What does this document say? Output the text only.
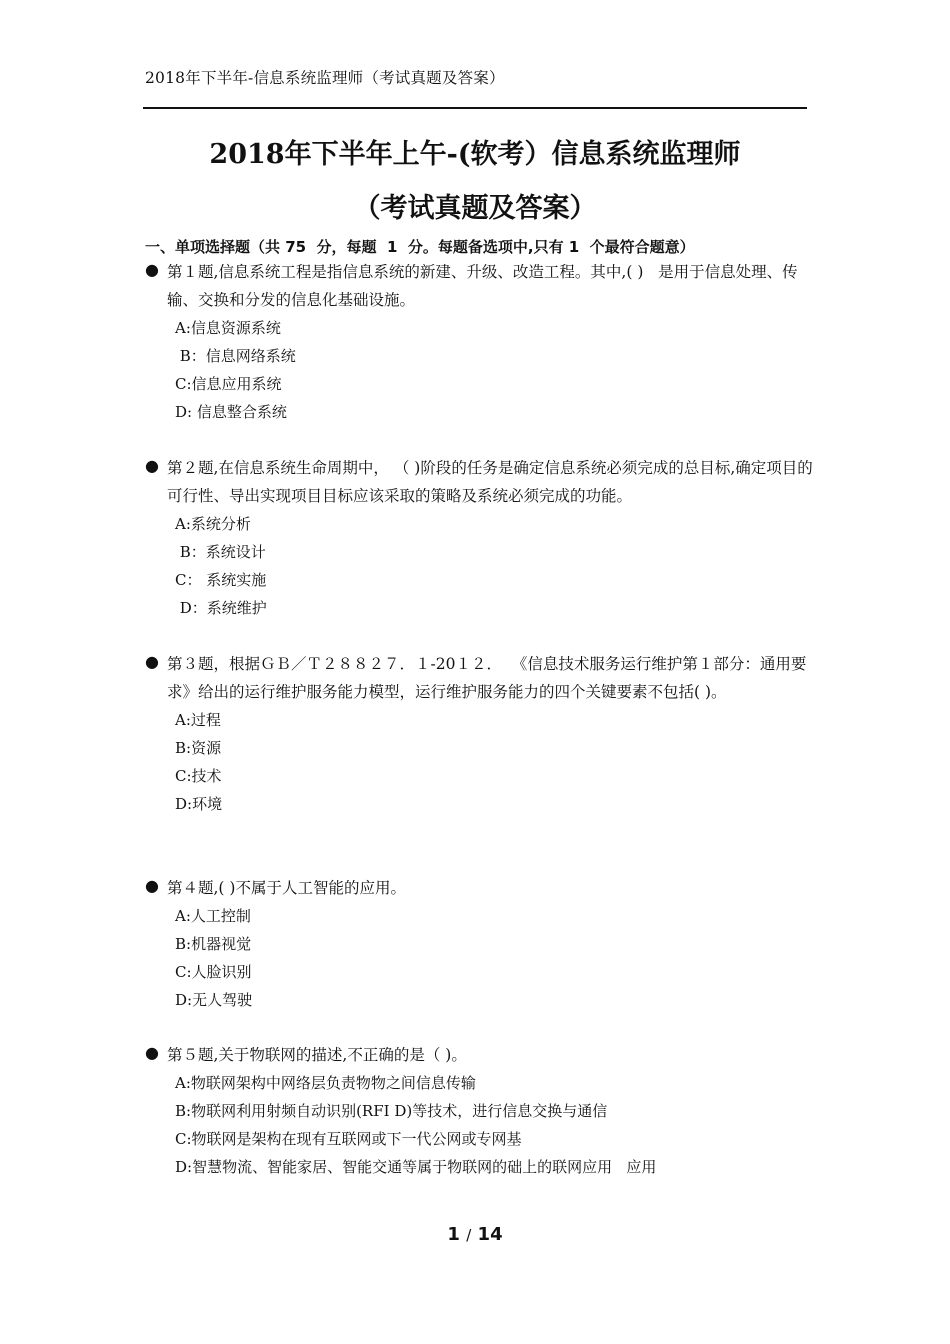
2018年下半年-信息系统监理师（考试真题及答案）
2018年下半年上午-(软考）信息系统监理师
（考试真题及答案）
一、单项选择题（共 75  分，每题  1  分。每题备选项中,只有 1  个最符合题意）
● 第１题,信息系统工程是指信息系统的新建、升级、改造工程。其中,( )   是用于信息处理、传输、交换和分发的信息化基础设施。
A:信息资源系统
B：信息网络系统
C:信息应用系统
D: 信息整合系统
● 第２题,在信息系统生命周期中， （ )阶段的任务是确定信息系统必须完成的总目标,确定项目的可行性、导出实现项目目标应该采取的策略及系统必须完成的功能。
A:系统分析
B：系统设计
C： 系统实施
D：系统维护
● 第３题，根据ＧＢ／Ｔ２８８２７．１-20１２．  《信息技术服务运行维护第１部分：通用要求》给出的运行维护服务能力模型，运行维护服务能力的四个关键要素不包括( )。
A:过程
B:资源
C:技术
D:环境
● 第４题,( )不属于人工智能的应用。
A:人工控制
B:机器视觉
C:人脸识别
D:无人驾驶
● 第５题,关于物联网的描述,不正确的是（ )。
A:物联网架构中网络层负责物物之间信息传输
B:物联网利用射频自动识别(RFI D)等技术，进行信息交换与通信
C:物联网是架构在现有互联网或下一代公网或专网基
D:智慧物流、智能家居、智能交通等属于物联网的础上的联网应用   应用
1 / 14
